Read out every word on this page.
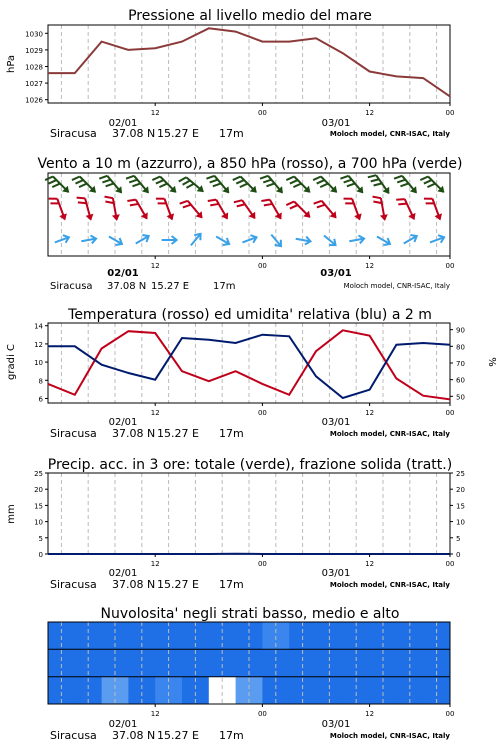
Pressione al livello medio del mare
hPa
1026
1027
1028
1029
1030
12	00	12	00
02/01	03/01
Siracusa 37.08 N 15.27 E 17m	Moloch model, CNR-ISAC, Italy
Vento a 10 m (azzurro), a 850 hPa (rosso), a 700 hPa (verde)
12	00	12	00
02/01	03/01
Siracusa 37.08 N 15.27 E 17m	Moloch model, CNR-ISAC, Italy
Temperatura (rosso) ed umidita' relativa (blu) a 2 m
gradi C	%
6
8
10
12
14
50
60
70
80
90
12	00	12	00
02/01	03/01
Siracusa 37.08 N 15.27 E 17m	Moloch model, CNR-ISAC, Italy
Precip. acc. in 3 ore: totale (verde), frazione solida (tratt.)
mm
0
5
10
15
20
25
0
5
10
15
20
25
12	00	12	00
02/01	03/01
Siracusa 37.08 N 15.27 E 17m	Moloch model, CNR-ISAC, Italy
Nuvolosita' negli strati basso, medio e alto
12	00	12	00
02/01	03/01
Siracusa 37.08 N 15.27 E 17m	Moloch model, CNR-ISAC, Italy
